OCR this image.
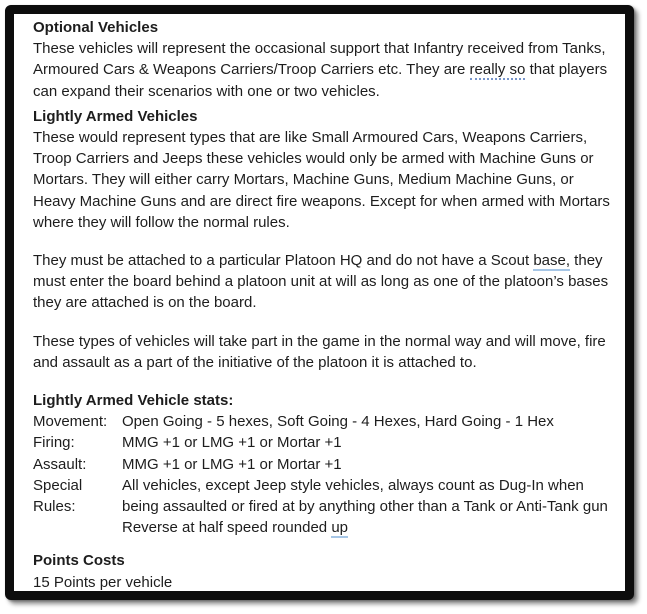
Optional Vehicles

These vehicles will represent the occasional support that Infantry received from Tanks, Armoured Cars & Weapons Carriers/Troop Carriers etc. They are really so that players can expand their scenarios with one or two vehicles.

Lightly Armed Vehicles

These would represent types that are like Small Armoured Cars, Weapons Carriers, Troop Carriers and Jeeps these vehicles would only be armed with Machine Guns or Mortars. They will either carry Mortars, Machine Guns, Medium Machine Guns, or Heavy Machine Guns and are direct fire weapons. Except for when armed with Mortars where they will follow the normal rules.

They must be attached to a particular Platoon HQ and do not have a Scout base, they must enter the board behind a platoon unit at will as long as one of the platoon’s bases they are attached is on the board.

These types of vehicles will take part in the game in the normal way and will move, fire and assault as a part of the initiative of the platoon it is attached to.

Lightly Armed Vehicle stats:
Movement: Open Going - 5 hexes, Soft Going - 4 Hexes, Hard Going - 1 Hex
Firing:	MMG +1 or LMG +1 or Mortar +1
Assault:	MMG +1 or LMG +1 or Mortar +1
Special Rules:
All vehicles, except Jeep style vehicles, always count as Dug-In when being assaulted or fired at by anything other than a Tank or Anti-Tank gun
Reverse at half speed rounded up
Points Costs

15 Points per vehicle
